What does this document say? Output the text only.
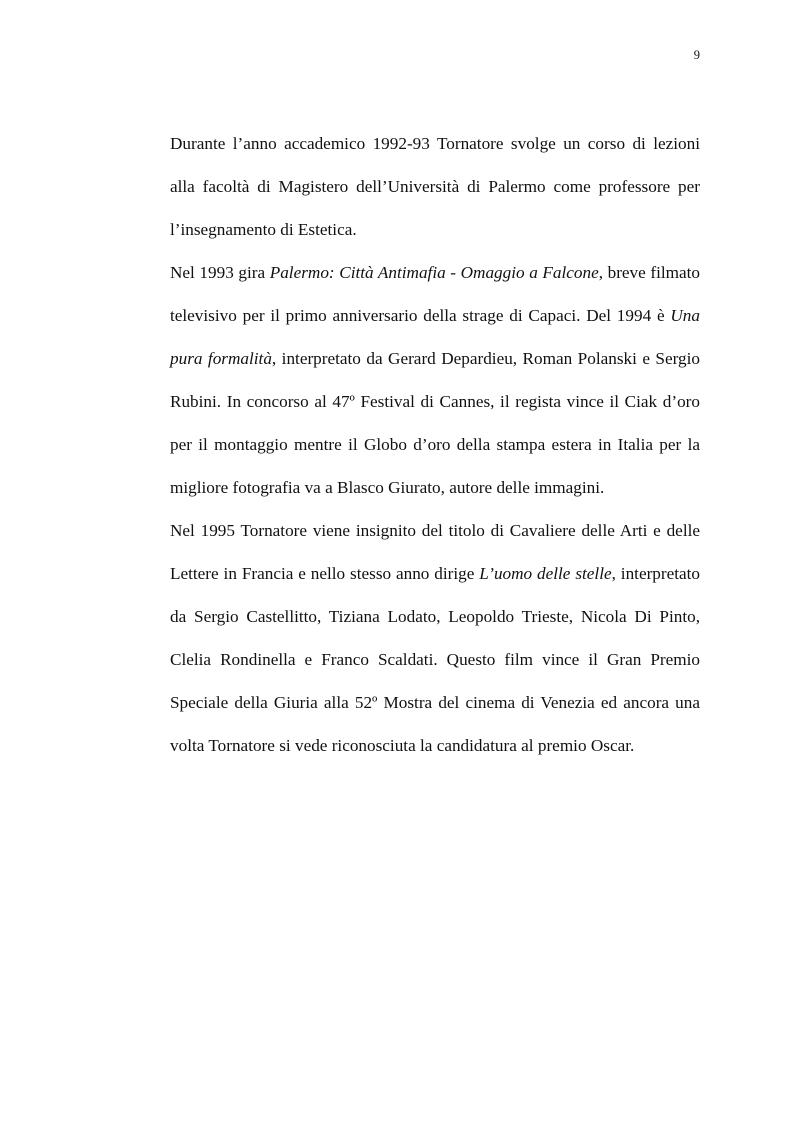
9

Durante l’anno accademico 1992-93 Tornatore svolge un corso di lezioni alla facoltà di Magistero dell’Università di Palermo come professore per l’insegnamento di Estetica.

Nel 1993 gira Palermo: Città Antimafia - Omaggio a Falcone, breve filmato televisivo per il primo anniversario della strage di Capaci. Del 1994 è Una pura formalità, interpretato da Gerard Depardieu, Roman Polanski e Sergio Rubini. In concorso al 47º Festival di Cannes, il regista vince il Ciak d’oro per il montaggio mentre il Globo d’oro della stampa estera in Italia per la migliore fotografia va a Blasco Giurato, autore delle immagini.

Nel 1995 Tornatore viene insignito del titolo di Cavaliere delle Arti e delle Lettere in Francia e nello stesso anno dirige L’uomo delle stelle, interpretato da Sergio Castellitto, Tiziana Lodato, Leopoldo Trieste, Nicola Di Pinto, Clelia Rondinella e Franco Scaldati. Questo film vince il Gran Premio Speciale della Giuria alla 52º Mostra del cinema di Venezia ed ancora una volta Tornatore si vede riconosciuta la candidatura al premio Oscar.
